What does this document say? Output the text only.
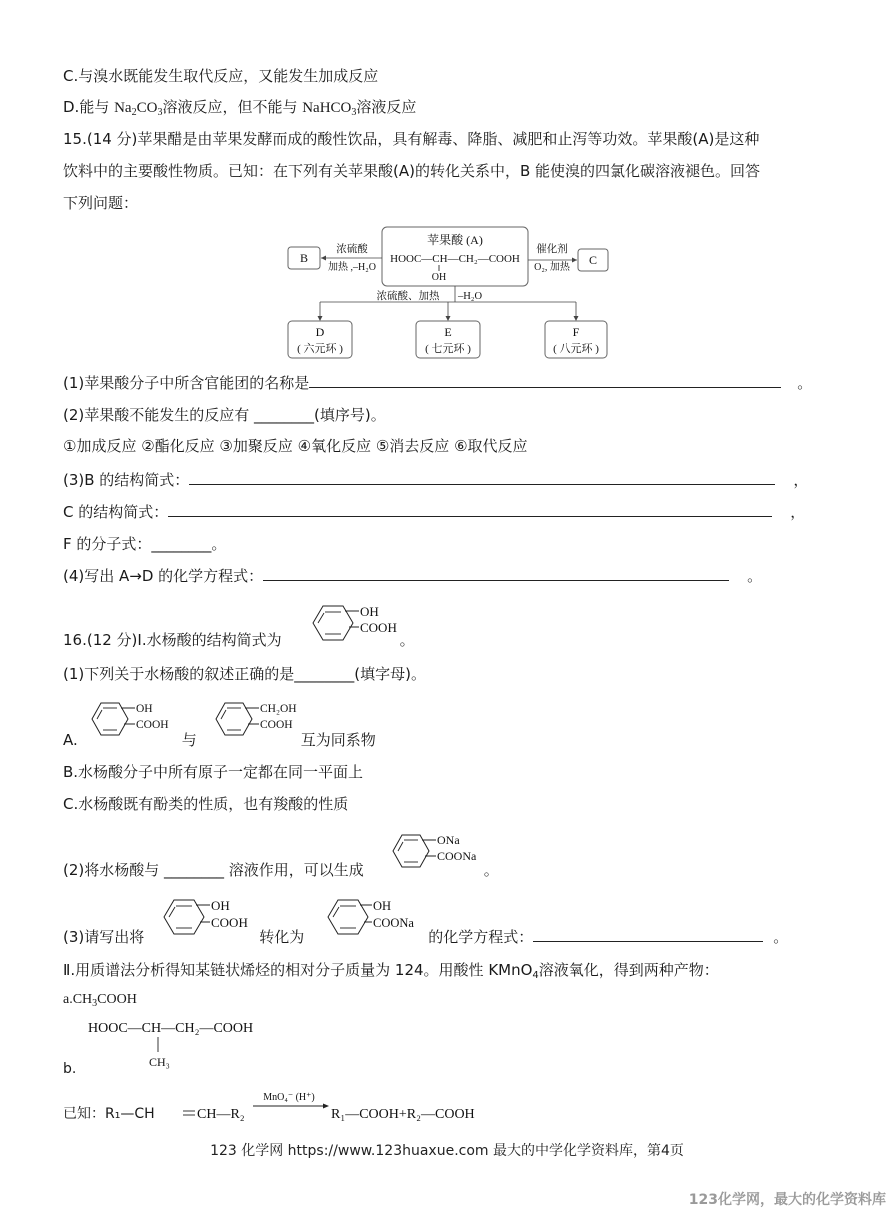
C.与溴水既能发生取代反应，又能发生加成反应
D.能与 $Na_2CO_3$溶液反应，但不能与 NaHCO$_3$溶液反应
15.(14 分)苹果醋是由苹果发酵而成的酸性饮品，具有解毒、降脂、减肥和止泻等功效。苹果酸(A)是这种
饮料中的主要酸性物质。已知：在下列有关苹果酸(A)的转化关系中，B 能使溴的四氯化碳溶液褪色。回答
下列问题：
苹果酸 (A)
HOOC—CH—CH₂—COOH
OH
B
浓硫酸
加热 ,–H₂O
C
催化剂
O₂, 加热
浓硫酸、加热 –H₂O
D
( 六元环 )
E
( 七元环 )
F
( 八元环 )
(1)苹果酸分子中所含官能团的名称是	。
(2)苹果酸不能发生的反应有 ________(填序号)。
①加成反应 ②酯化反应 ③加聚反应 ④氧化反应 ⑤消去反应 ⑥取代反应
(3)B 的结构简式：	，
C 的结构简式：	，
F 的分子式：________。
(4)写出 A→D 的化学方程式：	。
16.(12 分)Ⅰ.水杨酸的结构简式为	。
OH
COOH
(1)下列关于水杨酸的叙述正确的是________(填字母)。
A.	与	互为同系物
OH
COOH
CH₂OH
COOH
B.水杨酸分子中所有原子一定都在同一平面上
C.水杨酸既有酚类的性质，也有羧酸的性质
(2)将水杨酸与 ________ 溶液作用，可以生成	。
ONa
COONa
(3)请写出将	转化为	的化学方程式：	。
OH
COOH
OH
COONa
Ⅱ.用质谱法分析得知某链状烯烃的相对分子质量为 124。用酸性 KMnO$_4$溶液氧化，得到两种产物：
$a.CH_3COOH$
HOOC—CH—CH₂—COOH
CH₃
b.
已知：R₁—CH	CH—R₂
MnO₄⁻ (H⁺)
R₁—COOH+R₂—COOH
123 化学网 https://www.123huaxue.com 最大的中学化学资料库，第4页
123化学网，最大的化学资料库
